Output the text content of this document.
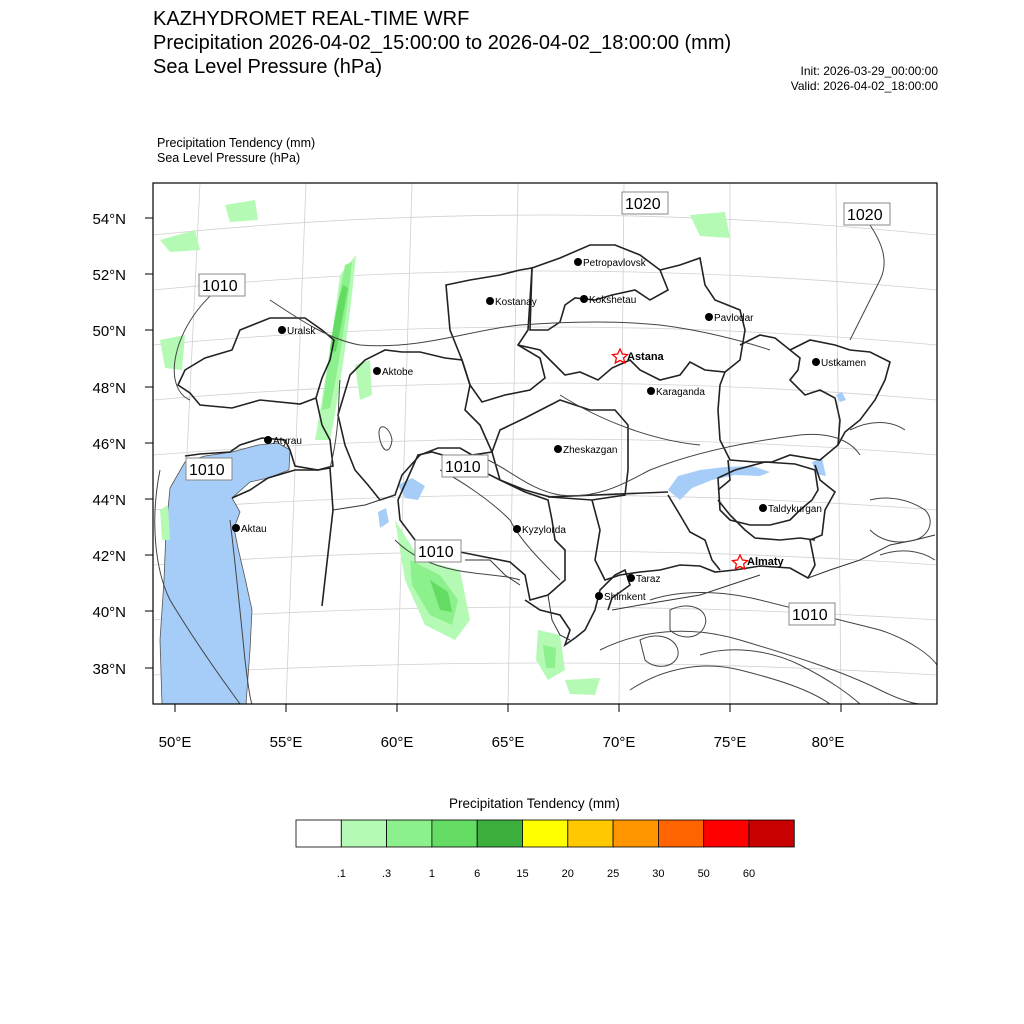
KAZHYDROMET REAL-TIME WRF
Precipitation 2026-04-02_15:00:00 to 2026-04-02_18:00:00 (mm)
Sea Level Pressure (hPa)	Init: 2026-03-29_00:00:00
Valid: 2026-04-02_18:00:00
Precipitation Tendency (mm)
Sea Level Pressure (hPa)
54°N
52°N
50°N
48°N
46°N
44°N
42°N
40°N
38°N
50°E	55°E	60°E	65°E	70°E	75°E	80°E
1010
1020
1020
1010	1010
1010
1010
Uralsk
Aktobe
Atyrau
Aktau
Kostanay
Petropavlovsk
Kokshetau
Pavlodar
Astana
Karaganda
Ustkamen
Zheskazgan
Kyzylorda
Taldykurgan
Almaty
Taraz
Shimkent
.1	.3	1	6	15	20	25	30	50	60
Precipitation Tendency (mm)
